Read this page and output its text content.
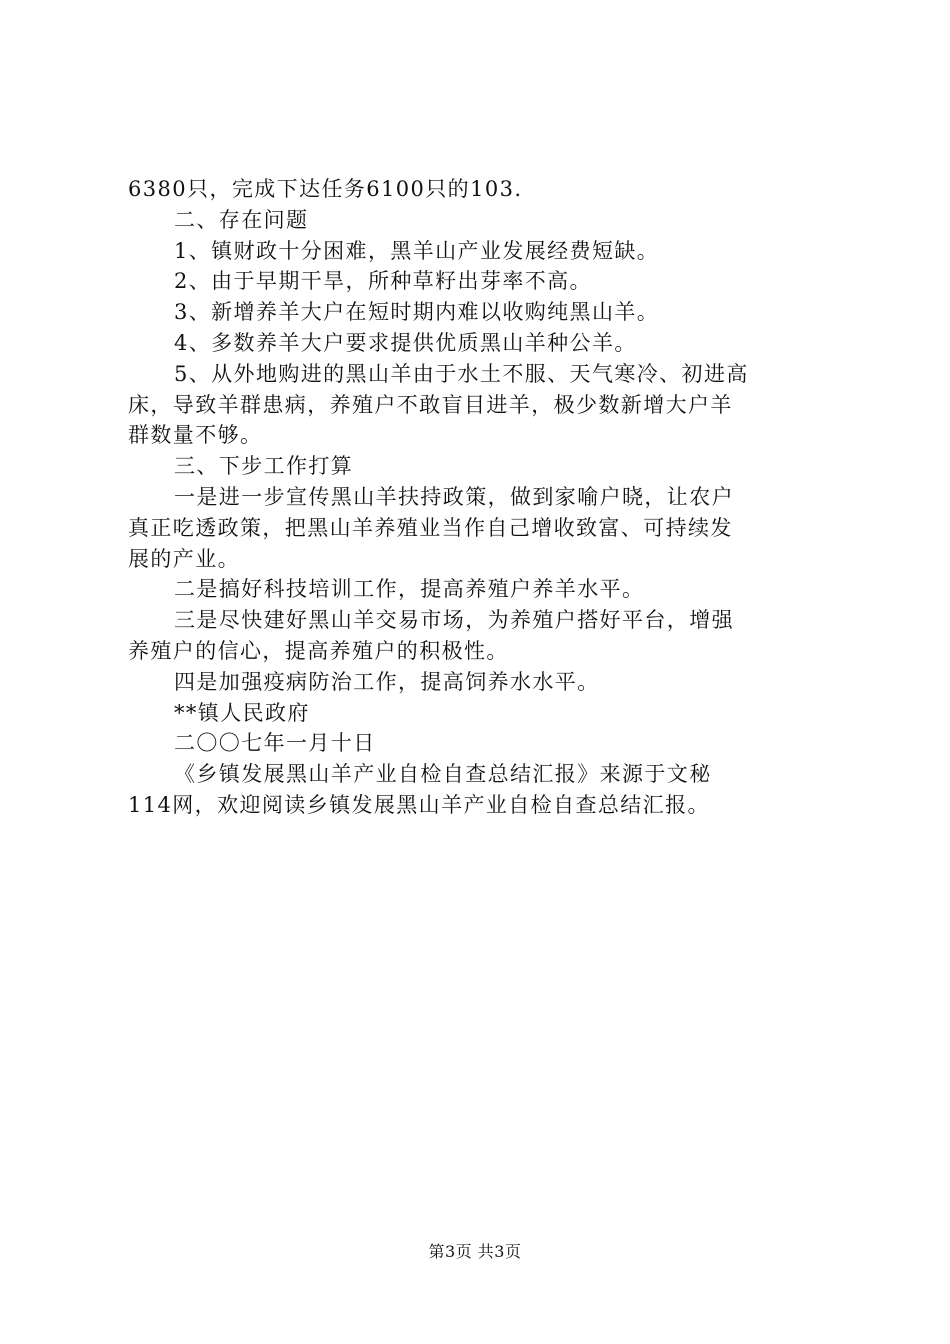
6380只，完成下达任务6100只的103.
二、存在问题
1、镇财政十分困难，黑羊山产业发展经费短缺。
2、由于早期干旱，所种草籽出芽率不高。
3、新增养羊大户在短时期内难以收购纯黑山羊。
4、多数养羊大户要求提供优质黑山羊种公羊。
5、从外地购进的黑山羊由于水土不服、天气寒冷、初进高
床，导致羊群患病，养殖户不敢盲目进羊，极少数新增大户羊
群数量不够。
三、下步工作打算
一是进一步宣传黑山羊扶持政策，做到家喻户晓，让农户
真正吃透政策，把黑山羊养殖业当作自己增收致富、可持续发
展的产业。
二是搞好科技培训工作，提高养殖户养羊水平。
三是尽快建好黑山羊交易市场，为养殖户搭好平台，增强
养殖户的信心，提高养殖户的积极性。
四是加强疫病防治工作，提高饲养水水平。
**镇人民政府
二〇〇七年一月十日
《乡镇发展黑山羊产业自检自查总结汇报》来源于文秘
114网，欢迎阅读乡镇发展黑山羊产业自检自查总结汇报。
第3页 共3页
